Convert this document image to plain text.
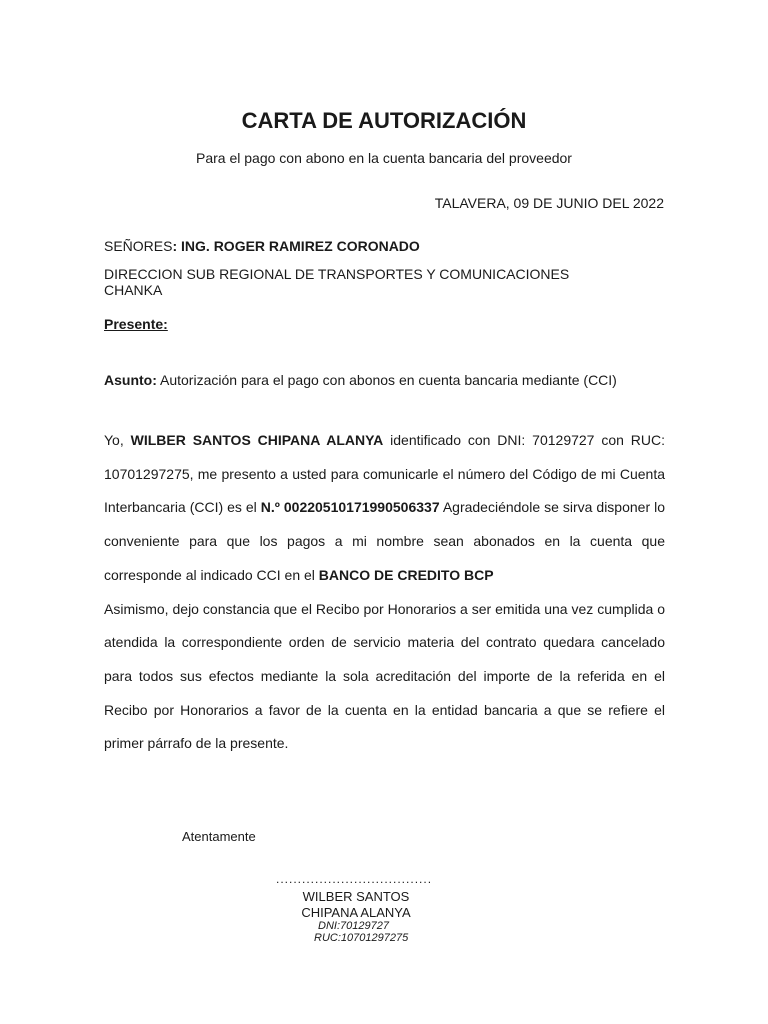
CARTA DE AUTORIZACIÓN
Para el pago con abono en la cuenta bancaria del proveedor
TALAVERA, 09 DE JUNIO DEL 2022
SEÑORES: ING. ROGER RAMIREZ CORONADO
DIRECCION SUB REGIONAL DE TRANSPORTES Y COMUNICACIONES
CHANKA
Presente:
Asunto: Autorización para el pago con abonos en cuenta bancaria mediante (CCI)

Yo, WILBER SANTOS CHIPANA ALANYA identificado con DNI: 70129727 con RUC: 10701297275, me presento a usted para comunicarle el número del Código de mi Cuenta Interbancaria (CCI) es el N.º 00220510171990506337 Agradeciéndole se sirva disponer lo conveniente para que los pagos a mi nombre sean abonados en la cuenta que corresponde al indicado CCI en el BANCO DE CREDITO BCP

Asimismo, dejo constancia que el Recibo por Honorarios a ser emitida una vez cumplida o atendida la correspondiente orden de servicio materia del contrato quedara cancelado para todos sus efectos mediante la sola acreditación del importe de la referida en el Recibo por Honorarios a favor de la cuenta en la entidad bancaria a que se refiere el primer párrafo de la presente.

Atentamente
....................................
WILBER SANTOS CHIPANA ALANYA
DNI:70129727
RUC:10701297275
